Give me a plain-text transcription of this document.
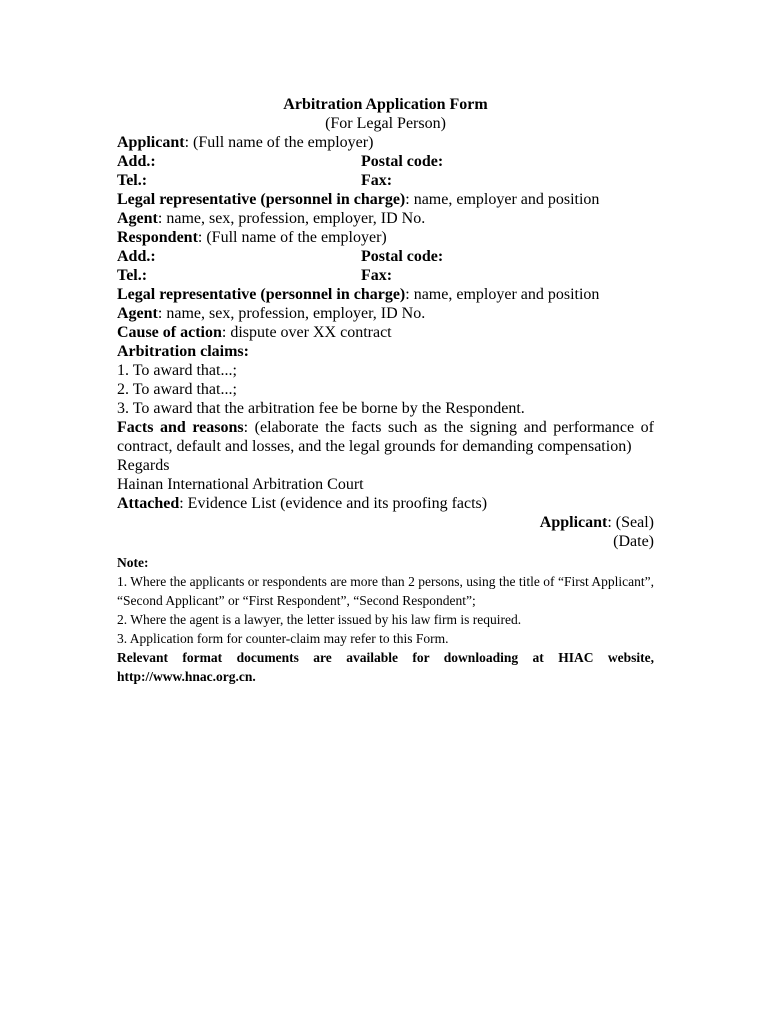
Arbitration Application Form
(For Legal Person)
Applicant: (Full name of the employer)
Add.:	Postal code:
Tel.:	Fax:
Legal representative (personnel in charge): name, employer and position
Agent: name, sex, profession, employer, ID No.
Respondent: (Full name of the employer)
Add.:	Postal code:
Tel.:	Fax:
Legal representative (personnel in charge): name, employer and position
Agent: name, sex, profession, employer, ID No.
Cause of action: dispute over XX contract
Arbitration claims:
1. To award that...;
2. To award that...;
3. To award that the arbitration fee be borne by the Respondent.
Facts and reasons: (elaborate the facts such as the signing and performance of contract, default and losses, and the legal grounds for demanding compensation)
Regards
Hainan International Arbitration Court
Attached: Evidence List (evidence and its proofing facts)
Applicant: (Seal)
(Date)
Note:
1. Where the applicants or respondents are more than 2 persons, using the title of “First Applicant”, “Second Applicant” or “First Respondent”, “Second Respondent”;
2. Where the agent is a lawyer, the letter issued by his law firm is required.
3. Application form for counter-claim may refer to this Form.
Relevant format documents are available for downloading at HIAC website, http://www.hnac.org.cn.
